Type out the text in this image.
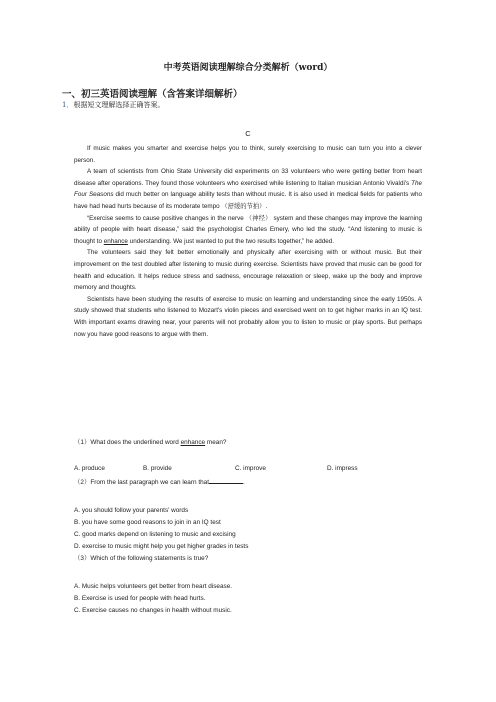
中考英语阅读理解综合分类解析（word）
一、初三英语阅读理解（含答案详细解析）
1．根据短文理解选择正确答案。
C

If music makes you smarter and exercise helps you to think, surely exercising to music can turn you into a clever person.

A team of scientists from Ohio State University did experiments on 33 volunteers who were getting better from heart disease after operations. They found those volunteers who exercised while listening to Italian musician Antonio Vivaldi's The Four Seasons did much better on language ability tests than without music. It is also used in medical fields for patients who have had head hurts because of its moderate tempo （舒缓的节拍）.

“Exercise seems to cause positive changes in the nerve （神经） system and these changes may improve the learning ability of people with heart disease,” said the psychologist Charles Emery, who led the study. “And listening to music is thought to enhance understanding. We just wanted to put the two results together,” he added.

The volunteers said they felt better emotionally and physically after exercising with or without music. But their improvement on the test doubled after listening to music during exercise. Scientists have proved that music can be good for health and education. It helps reduce stress and sadness, encourage relaxation or sleep, wake up the body and improve memory and thoughts.

Scientists have been studying the results of exercise to music on learning and understanding since the early 1950s. A study showed that students who listened to Mozart's violin pieces and exercised went on to get higher marks in an IQ test. With important exams drawing near, your parents will not probably allow you to listen to music or play sports. But perhaps now you have good reasons to argue with them.

（1）What does the underlined word enhance mean?
A. produce	B. provide	C. improve	D. impress
（2）From the last paragraph we can learn that	.
A. you should follow your parents' words
B. you have some good reasons to join in an IQ test
C. good marks depend on listening to music and excising
D. exercise to music might help you get higher grades in tests
（3）Which of the following statements is true?
A. Music helps volunteers get better from heart disease.
B. Exercise is used for people with head hurts.
C. Exercise causes no changes in health without music.
